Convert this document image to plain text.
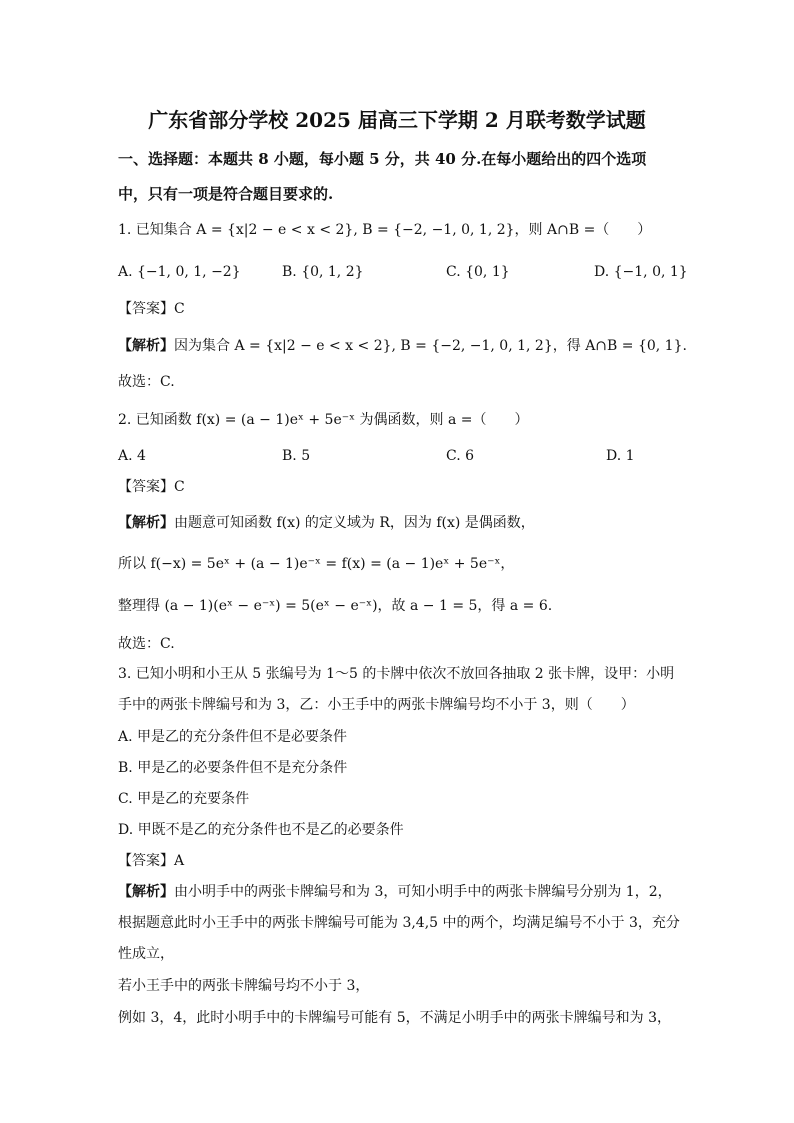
广东省部分学校 2025 届高三下学期 2 月联考数学试题
一、选择题：本题共 8 小题，每小题 5 分，共 40 分.在每小题给出的四个选项
中，只有一项是符合题目要求的.
1. 已知集合 A = {x|2 − e < x < 2}, B = {−2, −1, 0, 1, 2}，则 A∩B =（　　）
A. {−1, 0, 1, −2}	B. {0, 1, 2}	C. {0, 1}	D. {−1, 0, 1}
【答案】C
【解析】因为集合 A = {x|2 − e < x < 2}, B = {−2, −1, 0, 1, 2}，得 A∩B = {0, 1}.
故选：C.
2. 已知函数 f(x) = (a − 1)eˣ + 5e⁻ˣ 为偶函数，则 a =（　　）
A. 4	B. 5	C. 6	D. 1
【答案】C
【解析】由题意可知函数 f(x) 的定义域为 R，因为 f(x) 是偶函数，
所以 f(−x) = 5eˣ + (a − 1)e⁻ˣ = f(x) = (a − 1)eˣ + 5e⁻ˣ，
整理得 (a − 1)(eˣ − e⁻ˣ) = 5(eˣ − e⁻ˣ)，故 a − 1 = 5，得 a = 6.
故选：C.
3. 已知小明和小王从 5 张编号为 1～5 的卡牌中依次不放回各抽取 2 张卡牌，设甲：小明
手中的两张卡牌编号和为 3，乙：小王手中的两张卡牌编号均不小于 3，则（　　）
A. 甲是乙的充分条件但不是必要条件
B. 甲是乙的必要条件但不是充分条件
C. 甲是乙的充要条件
D. 甲既不是乙的充分条件也不是乙的必要条件
【答案】A
【解析】由小明手中的两张卡牌编号和为 3，可知小明手中的两张卡牌编号分别为 1，2，
根据题意此时小王手中的两张卡牌编号可能为 3,4,5 中的两个，均满足编号不小于 3，充分
性成立，
若小王手中的两张卡牌编号均不小于 3，
例如 3，4，此时小明手中的卡牌编号可能有 5，不满足小明手中的两张卡牌编号和为 3，
